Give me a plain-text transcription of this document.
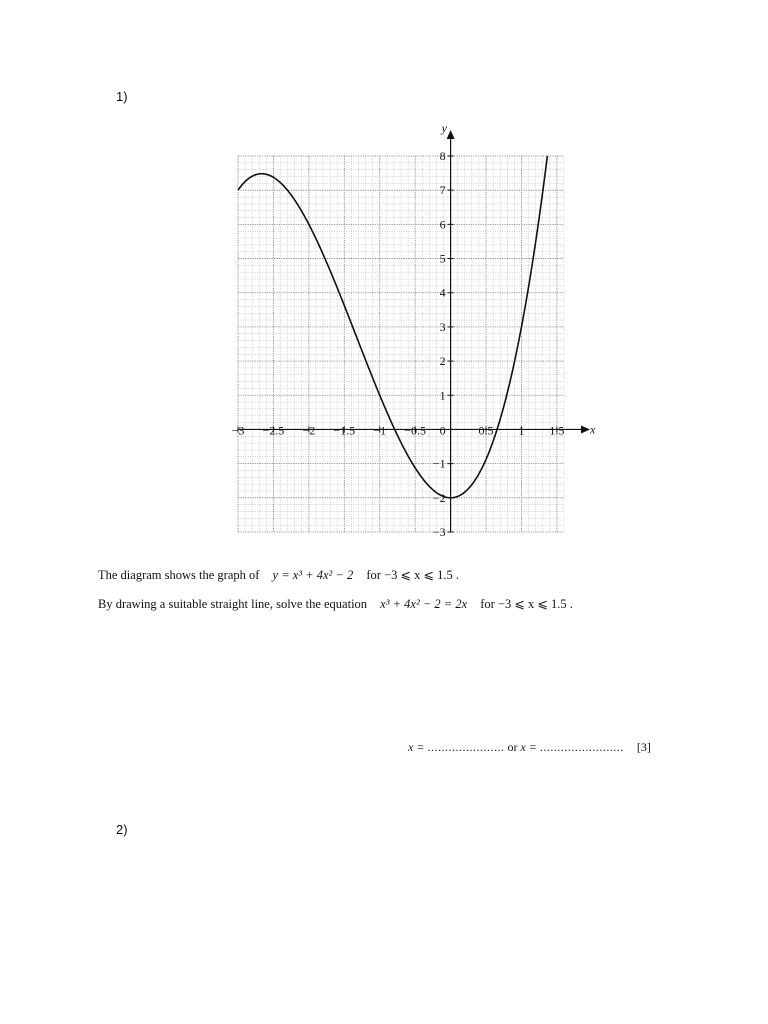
1)
x
y
−3 −2.5 −2 −1.5 −1 −0.5 0	0.5 1 1.5
8
7
6
5
4
3
2
1
−1
−2
−3
The diagram shows the graph of y = x³ + 4x² − 2 for −3 ⩽ x ⩽ 1.5 .
By drawing a suitable straight line, solve the equation x³ + 4x² − 2 = 2x for −3 ⩽ x ⩽ 1.5 .
x = ...................... or x = ........................ [3]
2)
